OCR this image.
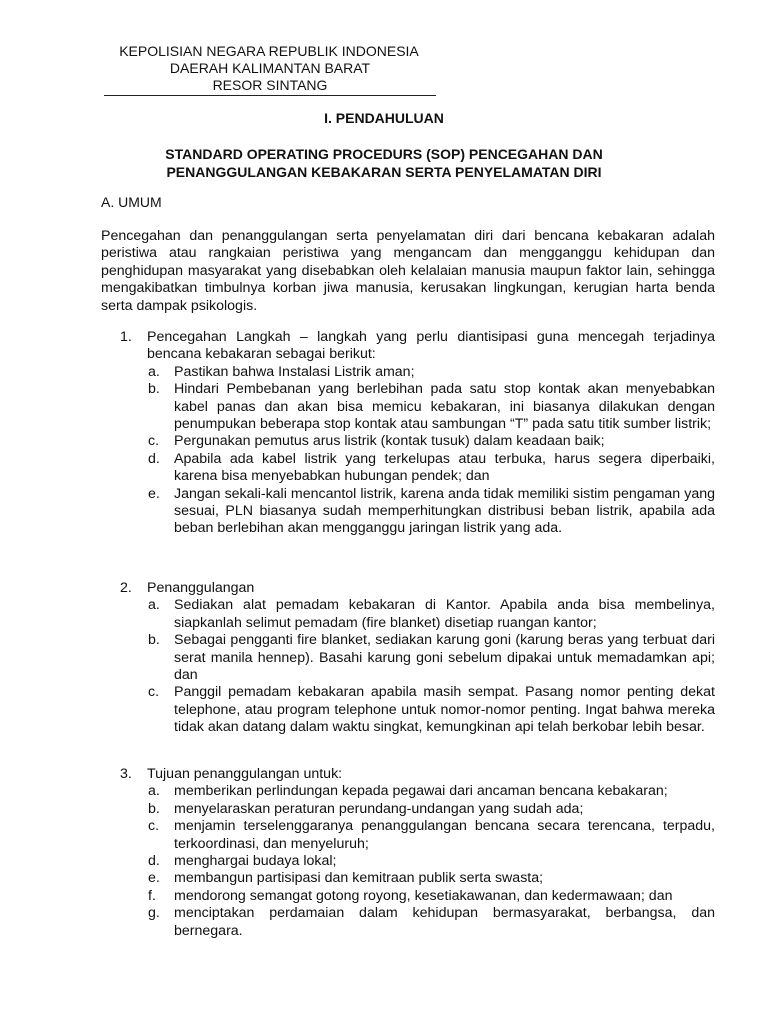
KEPOLISIAN NEGARA REPUBLIK INDONESIA
DAERAH KALIMANTAN BARAT
RESOR SINTANG
I. PENDAHULUAN
STANDARD OPERATING PROCEDURS (SOP) PENCEGAHAN DAN
PENANGGULANGAN KEBAKARAN SERTA PENYELAMATAN DIRI
A. UMUM

Pencegahan dan penanggulangan serta penyelamatan diri dari bencana kebakaran adalah peristiwa atau rangkaian peristiwa yang mengancam dan mengganggu kehidupan dan penghidupan masyarakat yang disebabkan oleh kelalaian manusia maupun faktor lain, sehingga mengakibatkan timbulnya korban jiwa manusia, kerusakan lingkungan, kerugian harta benda serta dampak psikologis.

1. Pencegahan Langkah – langkah yang perlu diantisipasi guna mencegah terjadinya bencana kebakaran sebagai berikut:
a. Pastikan bahwa Instalasi Listrik aman;
b. Hindari Pembebanan yang berlebihan pada satu stop kontak akan menyebabkan kabel panas dan akan bisa memicu kebakaran, ini biasanya dilakukan dengan penumpukan beberapa stop kontak atau sambungan “T” pada satu titik sumber listrik;
c. Pergunakan pemutus arus listrik (kontak tusuk) dalam keadaan baik;
d. Apabila ada kabel listrik yang terkelupas atau terbuka, harus segera diperbaiki, karena bisa menyebabkan hubungan pendek; dan
e. Jangan sekali-kali mencantol listrik, karena anda tidak memiliki sistim pengaman yang sesuai, PLN biasanya sudah memperhitungkan distribusi beban listrik, apabila ada beban berlebihan akan mengganggu jaringan listrik yang ada.
2. Penanggulangan
a. Sediakan alat pemadam kebakaran di Kantor. Apabila anda bisa membelinya, siapkanlah selimut pemadam (fire blanket) disetiap ruangan kantor;
b. Sebagai pengganti fire blanket, sediakan karung goni (karung beras yang terbuat dari serat manila hennep). Basahi karung goni sebelum dipakai untuk memadamkan api; dan
c. Panggil pemadam kebakaran apabila masih sempat. Pasang nomor penting dekat telephone, atau program telephone untuk nomor-nomor penting. Ingat bahwa mereka tidak akan datang dalam waktu singkat, kemungkinan api telah berkobar lebih besar.
3. Tujuan penanggulangan untuk:
a. memberikan perlindungan kepada pegawai dari ancaman bencana kebakaran;
b. menyelaraskan peraturan perundang-undangan yang sudah ada;
c. menjamin terselenggaranya penanggulangan bencana secara terencana, terpadu, terkoordinasi, dan menyeluruh;
d. menghargai budaya lokal;
e. membangun partisipasi dan kemitraan publik serta swasta;
f. mendorong semangat gotong royong, kesetiakawanan, dan kedermawaan; dan
g. menciptakan perdamaian dalam kehidupan bermasyarakat, berbangsa, dan bernegara.
